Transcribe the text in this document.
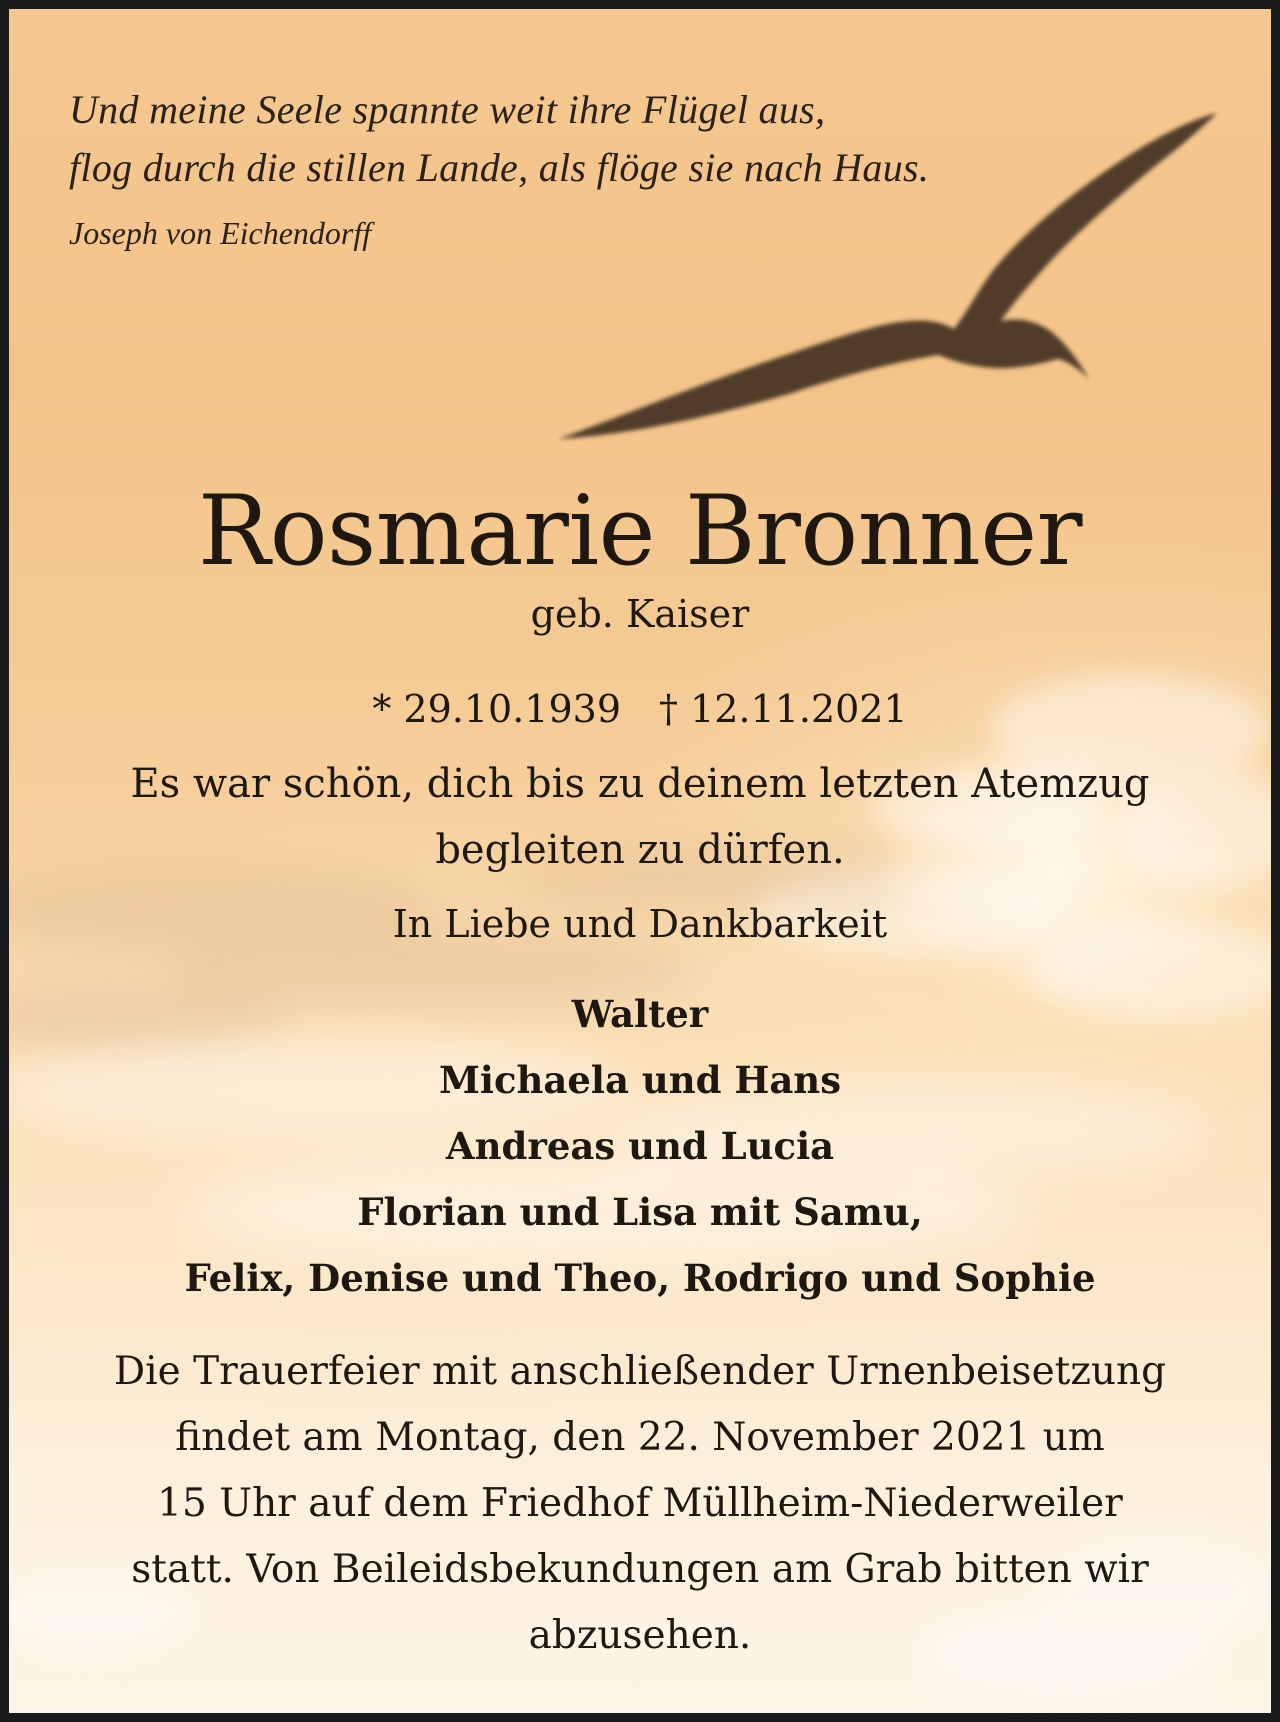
Und meine Seele spannte weit ihre Flügel aus,
flog durch die stillen Lande, als flöge sie nach Haus.
Joseph von Eichendorff
Rosmarie Bronner
geb. Kaiser
* 29.10.1939 † 12.11.2021
Es war schön, dich bis zu deinem letzten Atemzug
begleiten zu dürfen.
In Liebe und Dankbarkeit
Walter
Michaela und Hans
Andreas und Lucia
Florian und Lisa mit Samu,
Felix, Denise und Theo, Rodrigo und Sophie
Die Trauerfeier mit anschließender Urnenbeisetzung
findet am Montag, den 22. November 2021 um
15 Uhr auf dem Friedhof Müllheim-Niederweiler
statt. Von Beileidsbekundungen am Grab bitten wir
abzusehen.
